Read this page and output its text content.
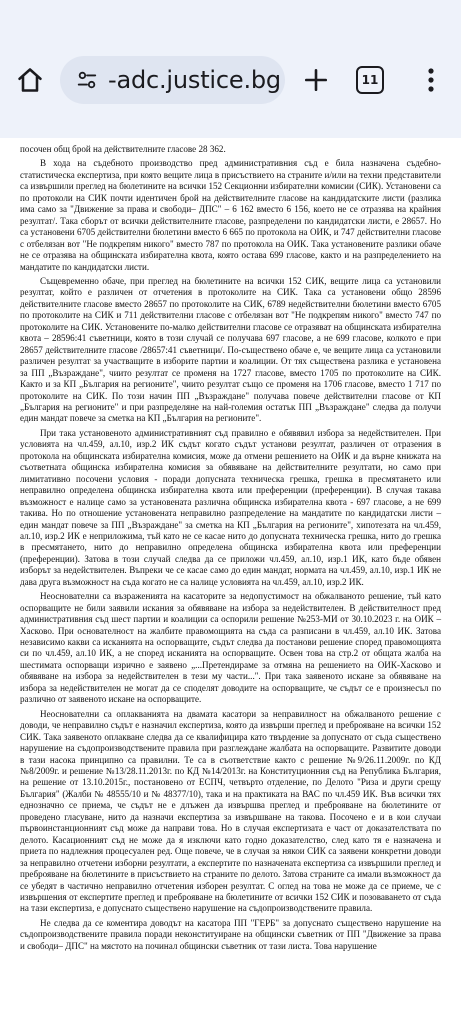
-adc.justice.bg	11

посочен общ брой на действителните гласове 28 362.

В хода на съдебното производство пред административния съд е била назначена съдебно-статистическа експертиза, при която вещите лица в присъствието на страните и/или на техни представители са извършили преглед на бюлетините на всички 152 Секционни избирателни комисии (СИК). Установени са по протоколи на СИК почти идентичен брой на действителните гласове на кандидатските листи (разлика има само за "Движение за права и свободи– ДПС" – 6 162 вместо 6 156, което не се отразява на крайния резултат/. Така сборът от всички действителните гласове, разпределени по кандидатски листи, е 28657. Но са установени 6705 действителни бюлетини вместо 6 665 по протокола на ОИК, и 747 действителни гласове с отбелязан вот "Не подкрепям никого" вместо 787 по протокола на ОИК. Така установените разлики обаче не се отразява на общинската избирателна квота, която остава 699 гласове, както и на разпределението на мандатите по кандидатски листи.

Същевременно обаче, при преглед на бюлетините на всички 152 СИК, вещите лица са установили резултат, който е различен от отчетения в протоколите на СИК. Така са установени общо 28596 действителните гласове вместо 28657 по протоколите на СИК, 6789 недействителни бюлетини вместо 6705 по протоколите на СИК и 711 действителни гласове с отбелязан вот "Не подкрепям никого" вместо 747 по протоколите на СИК. Установените по-малко действителни гласове се отразяват на общинската избирателна квота – 28596:41 съветници, която в този случай се получава 697 гласове, а не 699 гласове, колкото е при 28657 действителните гласове /28657:41 съветници/. По-съществено обаче е, че вещите лица са установили различен резултат за участващите в изборите партии и коалиции. От тях съществена разлика е установена за ПП „Възраждане", чиито резултат се променя на 1727 гласове, вместо 1705 по протоколите на СИК. Както и за КП „България на регионите", чиито резултат също се променя на 1706 гласове, вместо 1 717 по протоколите на СИК. По този начин ПП „Възраждане" получава повече действителни гласове от КП „България на регионите" и при разпределяне на най-големия остатък ПП „Възраждане" следва да получи един мандат повече за сметка на КП „България на регионите".

При така установеното административният съд правилно е обявявил избора за недействителен. При условията на чл.459, ал.10, изр.2 ИК съдът когато съдът установи резултат, различен от отразения в протокола на общинската избирателна комисия, може да отмени решението на ОИК и да върне книжата на съответната общинска избирателна комисия за обявяване на действителните резултати, но само при лимитативно посочени условия - поради допусната техническа грешка, грешка в пресмятането или неправилно определена общинска избирателна квота или преференции (преференции). В случая такава възможност е налице само за установената различна общинска избирателна квота - 697 гласове, а не 699 такива. Но по отношение установената неправилно разпределение на мандатите по кандидатски листи – един мандат повече за ПП „Възраждане" за сметка на КП „България на регионите", хипотезата на чл.459, ал.10, изр.2 ИК е неприложима, тъй като не се касае нито до допусната техническа грешка, нито до грешка в пресмятането, нито до неправилно определена общинска избирателна квота или преференции (преференции). Затова в този случай следва да се приложи чл.459, ал.10, изр.1 ИК, като бъде обявен изборът за недействителен. Въпреки че се касае само до един мандат, нормата на чл.459, ал.10, изр.1 ИК не дава друга възможност на съда когато не са налице условията на чл.459, ал.10, изр.2 ИК.

Неоснователни са възраженията на касаторите за недопустимост на обжалваното решение, тъй като оспорващите не били заявили искания за обявяване на избора за недействителен. В действителност пред административния съд шест партии и коалиции са оспорили решение №253-МИ от 30.10.2023 г. на ОИК – Хасково. При основателност на жалбите правомощията на съда са разписани в чл.459, ал.10 ИК. Затова независимо какви са исканията на оспорващите, съдът следва да постанови решение според правомощията си по чл.459, ал.10 ИК, а не според исканията на оспорващите. Освен това на стр.2 от общата жалба на шестимата оспорващи изрично е заявено „...Претендираме за отмяна на решението на ОИК-Хасково и обявяване на избора за недействителен в тези му части...". При така заявеното искане за обявяване на избора за недействителен не могат да се споделят доводите на оспорващите, че съдът се е произнесъл по различно от заявеното искане на оспорващите.

Неоснователни са оплакванията на двамата касатори за неправилност на обжалваното решение с доводи, че неправилно съдът е назначил експертиза, която да извърши преглед и преброяване на всички 152 СИК. Така заявеното оплакване следва да се квалифицира като твърдение за допуснато от съда съществено нарушение на съдопроизводствените правила при разглеждане жалбата на оспорващите. Развитите доводи в тази насока принципно са правилни. Те са в съответствие както с решение №9/26.11.2009г. по КД №8/2009г. и решение №13/28.11.2013г. по КД №14/2013г. на Конституционния съд на Република България, на решение от 13.10.2015г., постановено от ЕСПЧ, четвърто отделение, по Делото "Риза и други срещу България" (Жалби № 48555/10 и № 48377/10), така и на практиката на ВАС по чл.459 ИК. Във всички тях еднозначно се приема, че съдът не е длъжен да извършва преглед и преброяване на бюлетините от проведено гласуване, нито да назначи експертиза за извършване на такова. Посочено е и в кои случаи първоинстанционният съд може да направи това. Но в случая експертизата е част от доказателствата по делото. Касационният съд не може да я изключи като годно доказателство, след като тя е назначена и приета по надлежния процесуален ред. Още повече, че в случая за някои СИК са заявени конкретни доводи за неправилно отчетени изборни резултати, а експертите по назначената експертиза са извършили преглед и преброяване на бюлетините в присъствието на страните по делото. Затова страните са имали възможност да се убедят в частично неправилно отчетения изборен резултат. С оглед на това не може да се приеме, че с извършения от експертите преглед и преброяване на бюлетините от всички 152 СИК и позоваването от съда на тази експертиза, е допуснато съществено нарушение на съдопроизводствените правила.

Не следва да се коментира доводът на касатора ПП "ГЕРБ" за допуснато съществено нарушение на съдопроизводствените правила поради неконституиране на общински съветник от ПП "Движение за права и свободи– ДПС" на мястото на починал общински съветник от тази листа. Това нарушение
